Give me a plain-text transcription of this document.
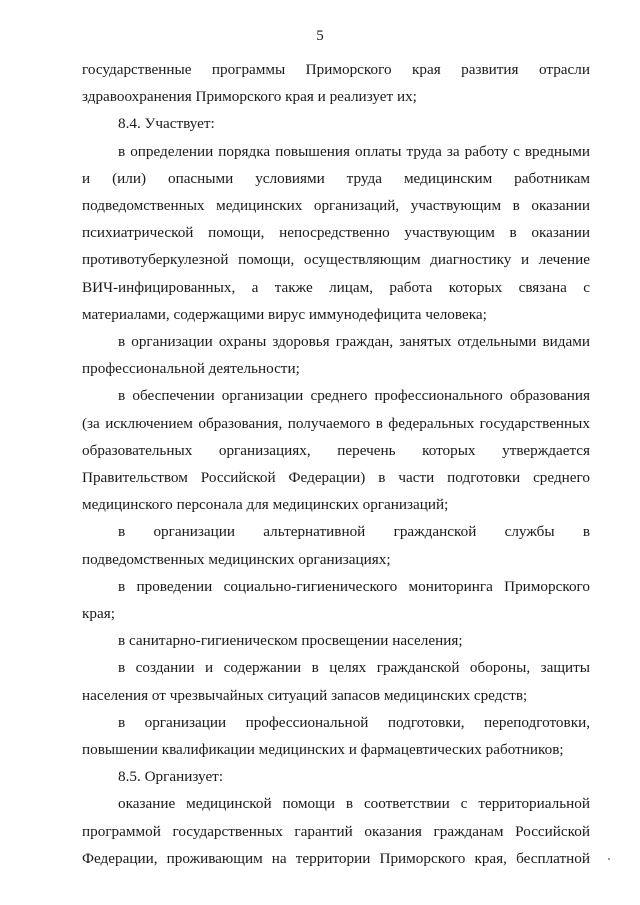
5

государственные программы Приморского края развития отрасли здравоохранения Приморского края и реализует их;

8.4. Участвует:

в определении порядка повышения оплаты труда за работу с вредными и (или) опасными условиями труда медицинским работникам подведомственных медицинских организаций, участвующим в оказании психиатрической помощи, непосредственно участвующим в оказании противотуберкулезной помощи, осуществляющим диагностику и лечение ВИЧ-инфицированных, а также лицам, работа которых связана с материалами, содержащими вирус иммунодефицита человека;

в организации охраны здоровья граждан, занятых отдельными видами профессиональной деятельности;

в обеспечении организации среднего профессионального образования (за исключением образования, получаемого в федеральных государственных образовательных организациях, перечень которых утверждается Правительством Российской Федерации) в части подготовки среднего медицинского персонала для медицинских организаций;

в организации альтернативной гражданской службы в подведомственных медицинских организациях;

в проведении социально-гигиенического мониторинга Приморского края;

в санитарно-гигиеническом просвещении населения;

в создании и содержании в целях гражданской обороны, защиты населения от чрезвычайных ситуаций запасов медицинских средств;

в организации профессиональной подготовки, переподготовки, повышении квалификации медицинских и фармацевтических работников;

8.5. Организует:

оказание медицинской помощи в соответствии с территориальной программой государственных гарантий оказания гражданам Российской Федерации, проживающим на территории Приморского края, бесплатной
